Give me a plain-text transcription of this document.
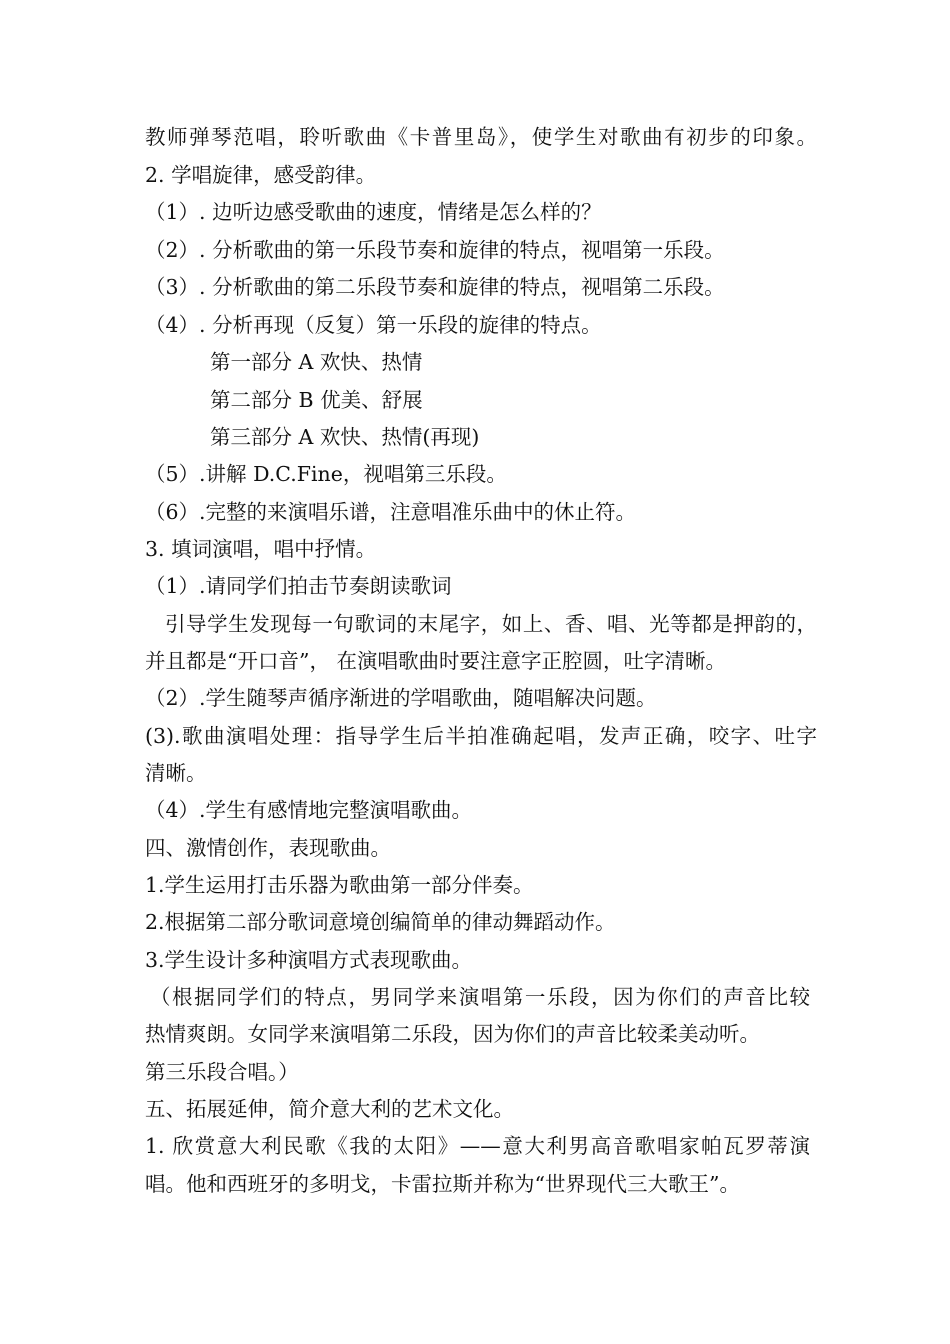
教师弹琴范唱，聆听歌曲《卡普里岛》，使学生对歌曲有初步的印象。
2. 学唱旋律，感受韵律。
（1）. 边听边感受歌曲的速度，情绪是怎么样的？
（2）. 分析歌曲的第一乐段节奏和旋律的特点，视唱第一乐段。
（3）. 分析歌曲的第二乐段节奏和旋律的特点，视唱第二乐段。
（4）. 分析再现（反复）第一乐段的旋律的特点。
第一部分 A 欢快、热情
第二部分 B 优美、舒展
第三部分 A 欢快、热情(再现)
（5）.讲解 D.C.Fine，视唱第三乐段。
（6）.完整的来演唱乐谱，注意唱准乐曲中的休止符。
3. 填词演唱，唱中抒情。
（1）.请同学们拍击节奏朗读歌词
引导学生发现每一句歌词的末尾字，如上、香、唱、光等都是押韵的，
并且都是“开口音”， 在演唱歌曲时要注意字正腔圆，吐字清晰。
（2）.学生随琴声循序渐进的学唱歌曲，随唱解决问题。
(3).歌曲演唱处理：指导学生后半拍准确起唱，发声正确，咬字、吐字
清晰。
（4）.学生有感情地完整演唱歌曲。
四、激情创作，表现歌曲。
1.学生运用打击乐器为歌曲第一部分伴奏。
2.根据第二部分歌词意境创编简单的律动舞蹈动作。
3.学生设计多种演唱方式表现歌曲。
（根据同学们的特点，男同学来演唱第一乐段，因为你们的声音比较
热情爽朗。女同学来演唱第二乐段，因为你们的声音比较柔美动听。
第三乐段合唱。）
五、拓展延伸，简介意大利的艺术文化。
1. 欣赏意大利民歌《我的太阳》——意大利男高音歌唱家帕瓦罗蒂演
唱。他和西班牙的多明戈，卡雷拉斯并称为“世界现代三大歌王”。
